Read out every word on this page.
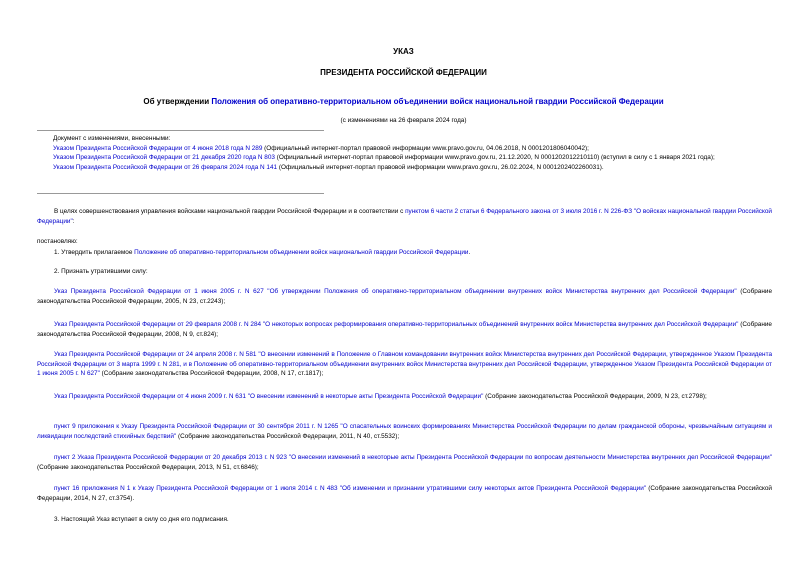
УКАЗ
ПРЕЗИДЕНТА РОССИЙСКОЙ ФЕДЕРАЦИИ
Об утверждении Положения об оперативно-территориальном объединении войск национальной гвардии Российской Федерации
(с изменениями на 26 февраля 2024 года)

Документ с изменениями, внесенными:

Указом Президента Российской Федерации от 4 июня 2018 года N 289 (Официальный интернет-портал правовой информации www.pravo.gov.ru, 04.06.2018, N 0001201806040042);

Указом Президента Российской Федерации от 21 декабря 2020 года N 803 (Официальный интернет-портал правовой информации www.pravo.gov.ru, 21.12.2020, N 0001202012210110) (вступил в силу с 1 января 2021 года);

Указом Президента Российской Федерации от 26 февраля 2024 года N 141 (Официальный интернет-портал правовой информации www.pravo.gov.ru, 26.02.2024, N 0001202402260031).

В целях совершенствования управления войсками национальной гвардии Российской Федерации и в соответствии с пунктом 6 части 2 статьи 6 Федерального закона от 3 июля 2016 г. N 226-ФЗ "О войсках национальной гвардии Российской Федерации":
постановляю:
1. Утвердить прилагаемое Положение об оперативно-территориальном объединении войск национальной гвардии Российской Федерации.
2. Признать утратившими силу:
Указ Президента Российской Федерации от 1 июня 2005 г. N 627 "Об утверждении Положения об оперативно-территориальном объединении внутренних войск Министерства внутренних дел Российской Федерации" (Собрание законодательства Российской Федерации, 2005, N 23, ст.2243);
Указ Президента Российской Федерации от 29 февраля 2008 г. N 284 "О некоторых вопросах реформирования оперативно-территориальных объединений внутренних войск Министерства внутренних дел Российской Федерации" (Собрание законодательства Российской Федерации, 2008, N 9, ст.824);
Указ Президента Российской Федерации от 24 апреля 2008 г. N 581 "О внесении изменений в Положение о Главном командовании внутренних войск Министерства внутренних дел Российской Федерации, утвержденное Указом Президента Российской Федерации от 3 марта 1999 г. N 281, и в Положение об оперативно-территориальном объединении внутренних войск Министерства внутренних дел Российской Федерации, утвержденное Указом Президента Российской Федерации от 1 июня 2005 г. N 627" (Собрание законодательства Российской Федерации, 2008, N 17, ст.1817);
Указ Президента Российской Федерации от 4 июня 2009 г. N 631 "О внесении изменений в некоторые акты Президента Российской Федерации" (Собрание законодательства Российской Федерации, 2009, N 23, ст.2798);
пункт 9 приложения к Указу Президента Российской Федерации от 30 сентября 2011 г. N 1265 "О спасательных воинских формированиях Министерства Российской Федерации по делам гражданской обороны, чрезвычайным ситуациям и ликвидации последствий стихийных бедствий" (Собрание законодательства Российской Федерации, 2011, N 40, ст.5532);
пункт 2 Указа Президента Российской Федерации от 20 декабря 2013 г. N 923 "О внесении изменений в некоторые акты Президента Российской Федерации по вопросам деятельности Министерства внутренних дел Российской Федерации" (Собрание законодательства Российской Федерации, 2013, N 51, ст.6846);
пункт 16 приложения N 1 к Указу Президента Российской Федерации от 1 июля 2014 г. N 483 "Об изменении и признании утратившими силу некоторых актов Президента Российской Федерации" (Собрание законодательства Российской Федерации, 2014, N 27, ст.3754).
3. Настоящий Указ вступает в силу со дня его подписания.
